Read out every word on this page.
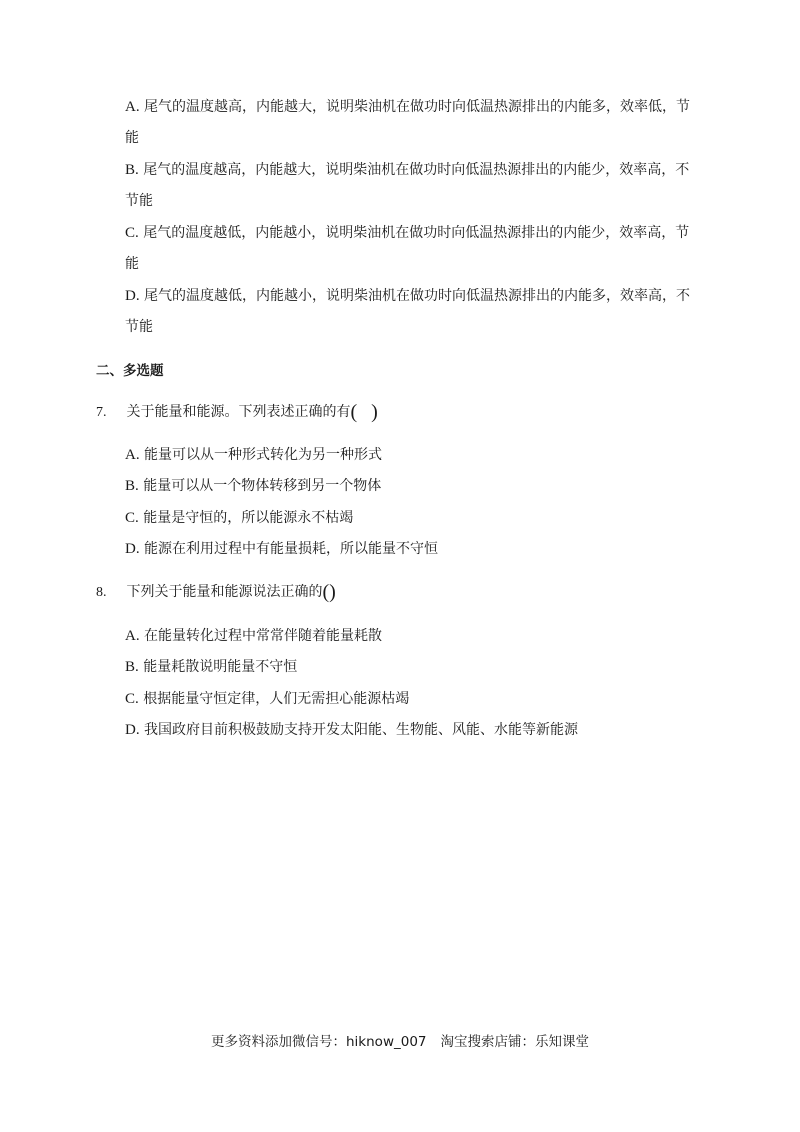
A. 尾气的温度越高，内能越大，说明柴油机在做功时向低温热源排出的内能多，效率低，节
能
B. 尾气的温度越高，内能越大，说明柴油机在做功时向低温热源排出的内能少，效率高，不
节能
C. 尾气的温度越低，内能越小，说明柴油机在做功时向低温热源排出的内能少，效率高，节
能
D. 尾气的温度越低，内能越小，说明柴油机在做功时向低温热源排出的内能多，效率高，不
节能
二、多选题
7. 关于能量和能源。下列表述正确的有( )
A. 能量可以从一种形式转化为另一种形式
B. 能量可以从一个物体转移到另一个物体
C. 能量是守恒的，所以能源永不枯竭
D. 能源在利用过程中有能量损耗，所以能量不守恒
8. 下列关于能量和能源说法正确的()
A. 在能量转化过程中常常伴随着能量耗散
B. 能量耗散说明能量不守恒
C. 根据能量守恒定律，人们无需担心能源枯竭
D. 我国政府目前积极鼓励支持开发太阳能、生物能、风能、水能等新能源
更多资料添加微信号：hiknow_007 淘宝搜索店铺：乐知课堂
